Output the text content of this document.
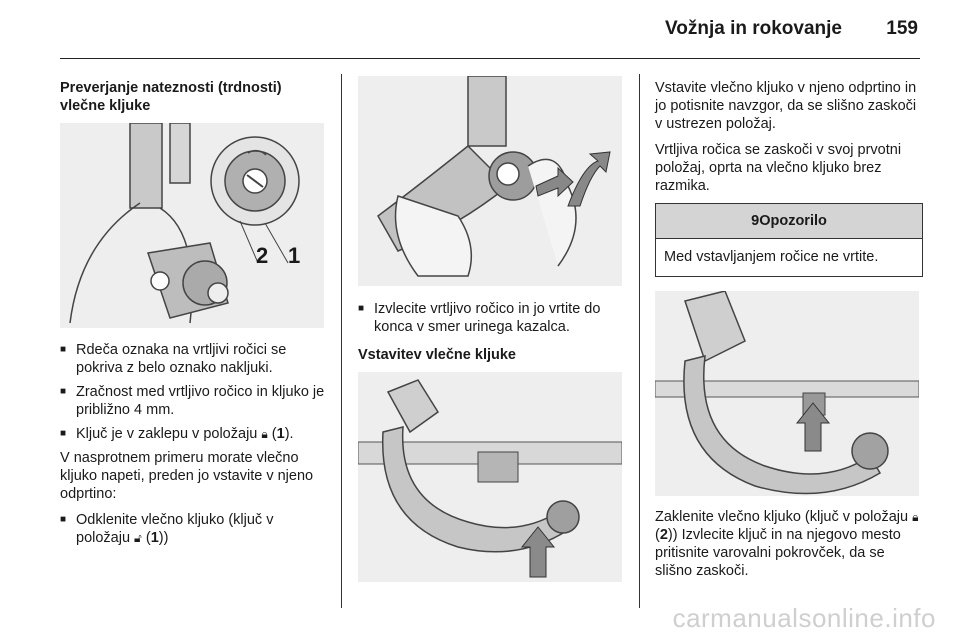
Vožnja in rokovanje 159
Preverjanje nateznosti (trdnosti) vlečne kljuke
2 1
■ Rdeča oznaka na vrtljivi ročici se pokriva z belo oznako naklјuki.
■ Zračnost med vrtljivo ročico in kljuko je približno 4 mm.
■ Ključ je v zaklepu v položaju 🔒︎ (1).

V nasprotnem primeru morate vlečno kljuko napeti, preden jo vstavite v njeno odprtino:

■ Odklenite vlečno kljuko (ključ v položaju 🔓︎ (1))
■ Izvlecite vrtljivo ročico in jo vrtite do konca v smer urinega kazalca.
Vstavitev vlečne kljuke

Vstavite vlečno kljuko v njeno odprtino in jo potisnite navzgor, da se slišno zaskoči v ustrezen položaj.

Vrtljiva ročica se zaskoči v svoj prvotni položaj, oprta na vlečno kljuko brez razmika.

9Opozorilo
Med vstavljanjem ročice ne vrtite.

Zaklenite vlečno kljuko (ključ v položaju 🔒︎ (2)) Izvlecite ključ in na njegovo mesto pritisnite varovalni pokrovček, da se slišno zaskoči.

carmanualsonline.info
